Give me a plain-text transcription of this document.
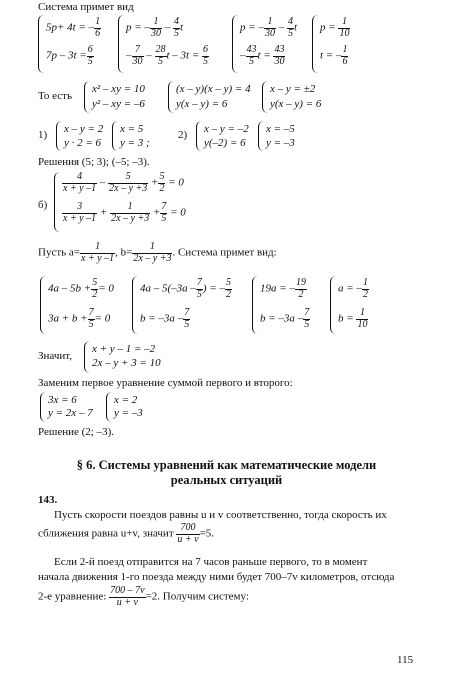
Система примет вид
5p+ 4t = – $\frac{1}{6}$
$7p - 3t = \frac{6}{5}$
p = – $\frac{1}{30} - \frac{4}{5}$ t
– $\frac{7}{30} - \frac{28}{5}$ $t - 3t = \frac{6}{5}$
p = – $\frac{1}{30} - \frac{4}{5}$ t
– $\frac{43}{5}$ $t = \frac{43}{30}$
$p = \frac{1}{10}$
t = – $\frac{1}{6}$
То есть
x² – xy = 10
y² – xy = –6
(x – y)(x – y) = 4
y(x – y) = 6
x – y = ±2
y(x – y) = 6
1) x – y = 2
y · 2 = 6
x = 5
y = 3 ;
2) x – y = –2
y(–2) = 6
x = –5
y = –3
Решения (5; 3); (–5; –3).
б)
$\frac{4}{x + y -1} - \frac{5}{2x - y +3} + \frac{5}{2} = 0$
$\frac{3}{x + y -1} + \frac{1}{2x - y +3} + \frac{7}{5} = 0$
Пусть $a= \frac{1}{x + y -1}$ , $b= \frac{1}{2x - y +3}$ . Система примет вид:
$4a - 5b + \frac{5}{2} = 0$
$3a + b + \frac{7}{5} = 0$
$4a - 5(-3a - \frac{7}{5}$ ) = – $\frac{5}{2}$
$b = -3a - \frac{7}{5}$
19a = – $\frac{19}{2}$
$b = -3a - \frac{7}{5}$
a = – $\frac{1}{2}$
$b = \frac{1}{10}$
Значит,
x + y – 1 = –2
2x – y + 3 = 10
Заменим первое уравнение суммой первого и второго:
3x = 6
y = 2x – 7
x = 2
y = –3
Решение (2; –3).
§ 6. Системы уравнений как математические модели
реальных ситуаций
143.
Пусть скорости поездов равны u и v соответственно, тогда скорость их
сближения равна u+v, значит $\frac{700}{u + v} =5$.
Если 2-й поезд отправится на 7 часов раньше первого, то в момент
начала движения 1-го поезда между ними будет 700–7v километров, отсюда
2-е уравнение: $\frac{700 - 7v}{u + v} =2$. Получим систему:
115
